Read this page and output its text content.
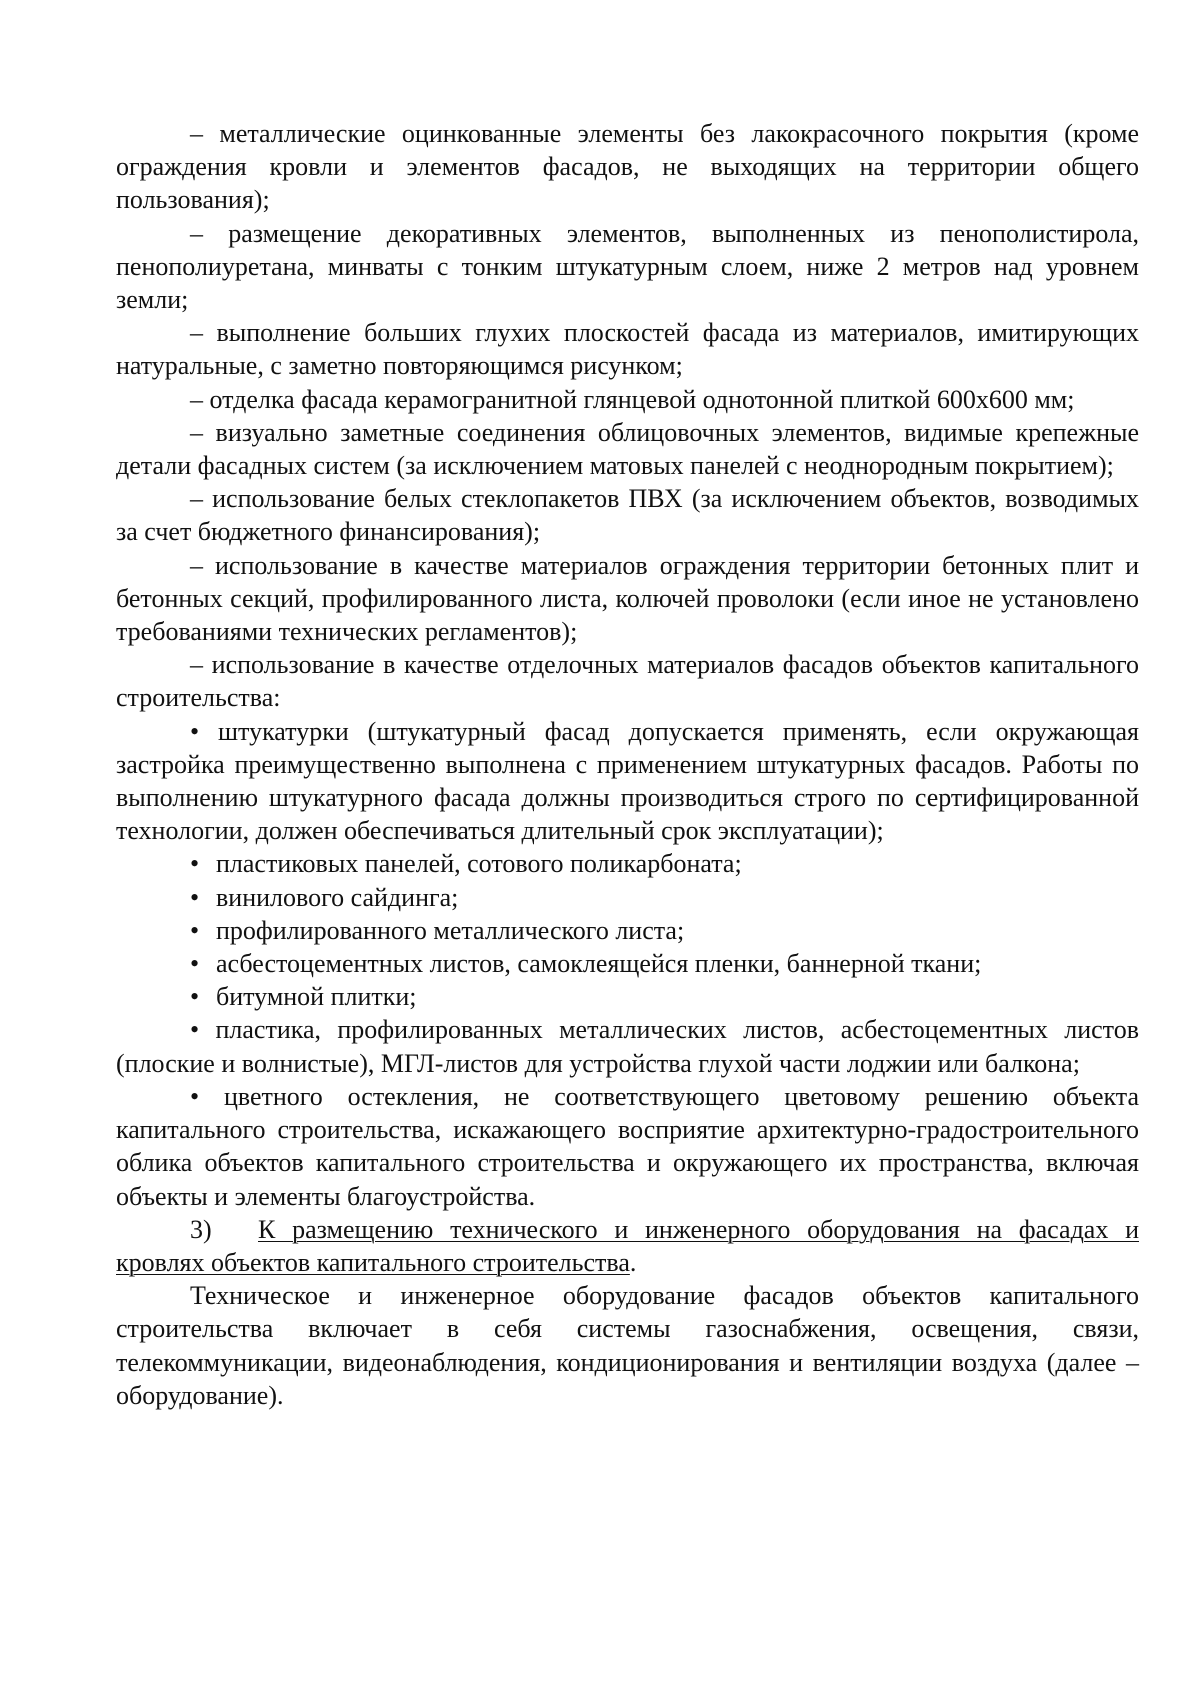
– металлические оцинкованные элементы без лакокрасочного покрытия (кроме ограждения кровли и элементов фасадов, не выходящих на территории общего пользования);

– размещение декоративных элементов, выполненных из пенополистирола, пенополиуретана, минваты с тонким штукатурным слоем, ниже 2 метров над уровнем земли;

– выполнение больших глухих плоскостей фасада из материалов, имитирующих натуральные, с заметно повторяющимся рисунком;

– отделка фасада керамогранитной глянцевой однотонной плиткой 600х600 мм;

– визуально заметные соединения облицовочных элементов, видимые крепежные детали фасадных систем (за исключением матовых панелей с неоднородным покрытием);

– использование белых стеклопакетов ПВХ (за исключением объектов, возводимых за счет бюджетного финансирования);

– использование в качестве материалов ограждения территории бетонных плит и бетонных секций, профилированного листа, колючей проволоки (если иное не установлено требованиями технических регламентов);

– использование в качестве отделочных материалов фасадов объектов капитального строительства:

• штукатурки (штукатурный фасад допускается применять, если окружающая застройка преимущественно выполнена с применением штукатурных фасадов. Работы по выполнению штукатурного фасада должны производиться строго по сертифицированной технологии, должен обеспечиваться длительный срок эксплуатации);

• пластиковых панелей, сотового поликарбоната;

• винилового сайдинга;

• профилированного металлического листа;

• асбестоцементных листов, самоклеящейся пленки, баннерной ткани;

• битумной плитки;

• пластика, профилированных металлических листов, асбестоцементных листов (плоские и волнистые), МГЛ-листов для устройства глухой части лоджии или балкона;

• цветного остекления, не соответствующего цветовому решению объекта капитального строительства, искажающего восприятие архитектурно-градостроительного облика объектов капитального строительства и окружающего их пространства, включая объекты и элементы благоустройства.

3) К размещению технического и инженерного оборудования на фасадах и кровлях объектов капитального строительства.

Техническое и инженерное оборудование фасадов объектов капитального строительства включает в себя системы газоснабжения, освещения, связи, телекоммуникации, видеонаблюдения, кондиционирования и вентиляции воздуха (далее – оборудование).
